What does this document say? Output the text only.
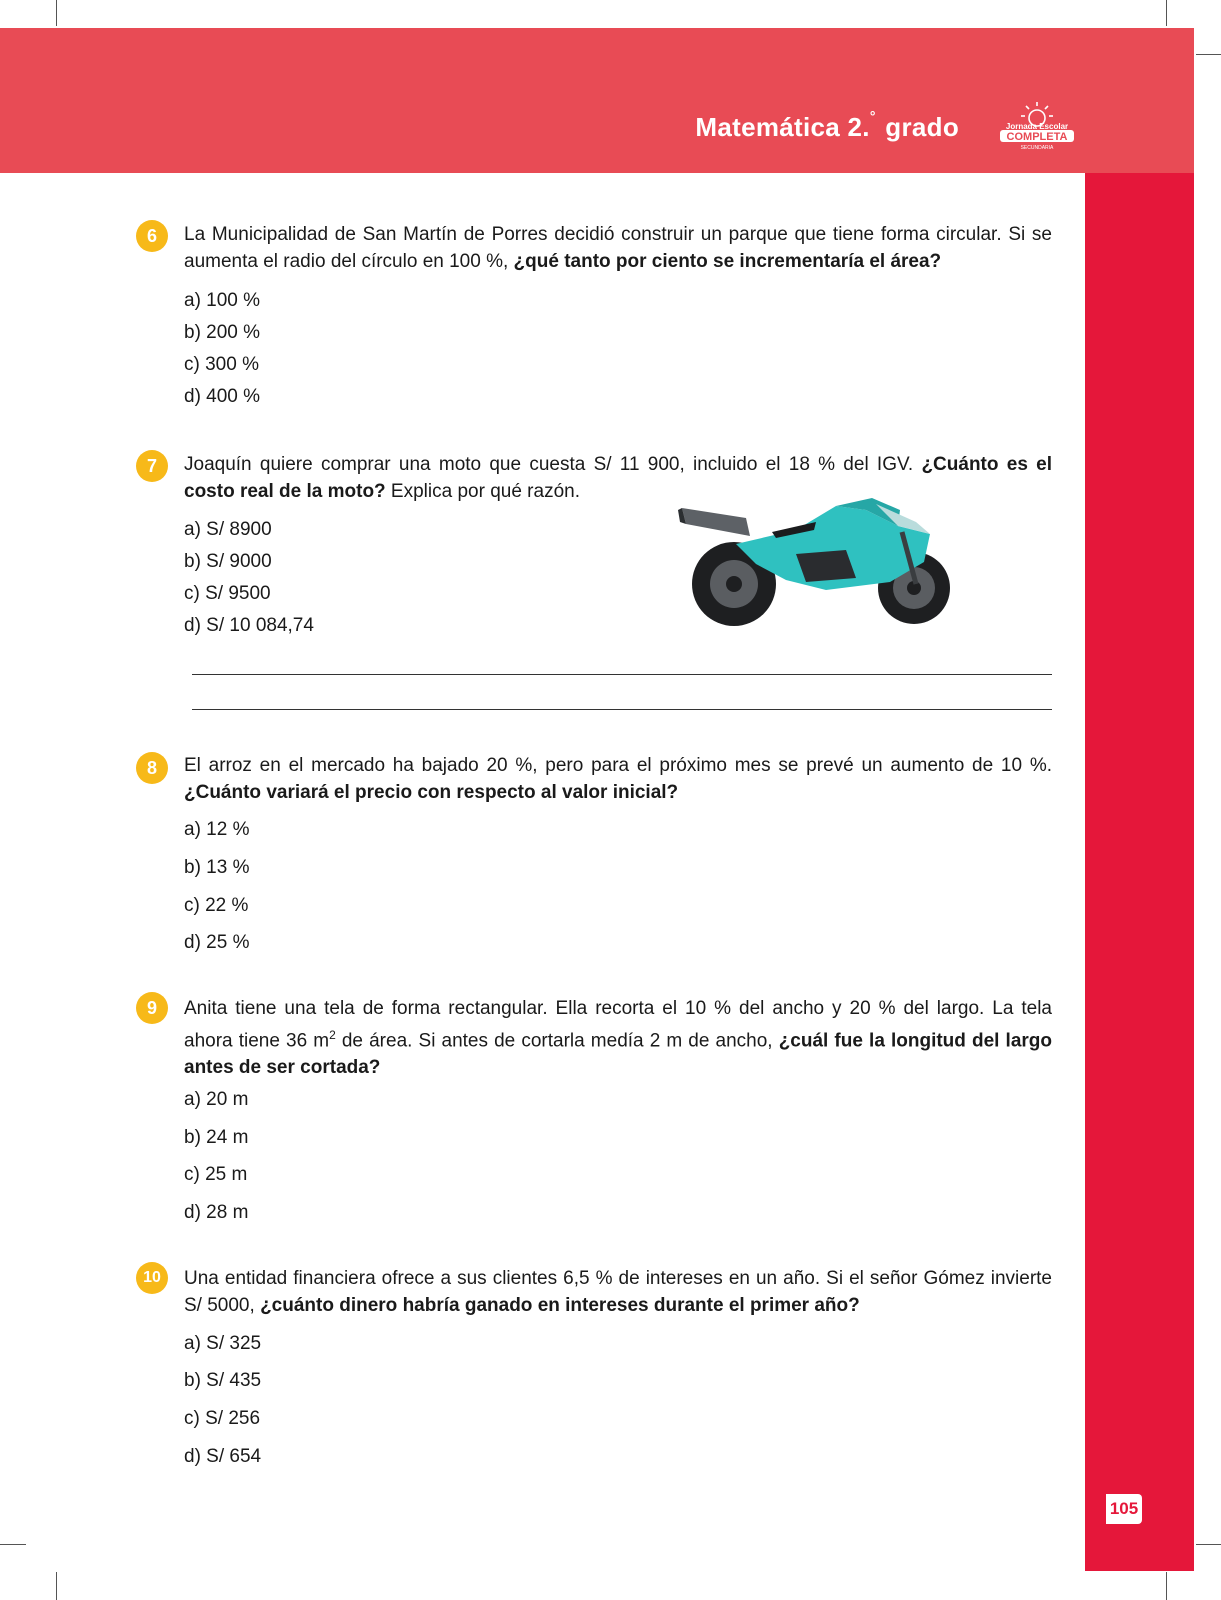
Matemática 2.° grado	Jornada Escolar
COMPLETA
SECUNDARIA
105
6	La Municipalidad de San Martín de Porres decidió construir un parque que tiene forma circular. Si se aumenta el radio del círculo en 100 %, ¿qué tanto por ciento se incrementaría el área?
a) 100 %
b) 200 %
c) 300 %
d) 400 %
7	Joaquín quiere comprar una moto que cuesta S/ 11 900, incluido el 18 % del IGV. ¿Cuánto es el costo real de la moto? Explica por qué razón.
a) S/ 8900
b) S/ 9000
c) S/ 9500
d) S/ 10 084,74
8	El arroz en el mercado ha bajado 20 %, pero para el próximo mes se prevé un aumento de 10 %. ¿Cuánto variará el precio con respecto al valor inicial?
a) 12 %
b) 13 %
c) 22 %
d) 25 %
9	Anita tiene una tela de forma rectangular. Ella recorta el 10 % del ancho y 20 % del largo. La tela ahora tiene 36 $m^2$ de área. Si antes de cortarla medía 2 m de ancho, ¿cuál fue la longitud del largo antes de ser cortada?
a) 20 m
b) 24 m
c) 25 m
d) 28 m
10	Una entidad financiera ofrece a sus clientes 6,5 % de intereses en un año. Si el señor Gómez invierte S/ 5000, ¿cuánto dinero habría ganado en intereses durante el primer año?
a) S/ 325
b) S/ 435
c) S/ 256
d) S/ 654
